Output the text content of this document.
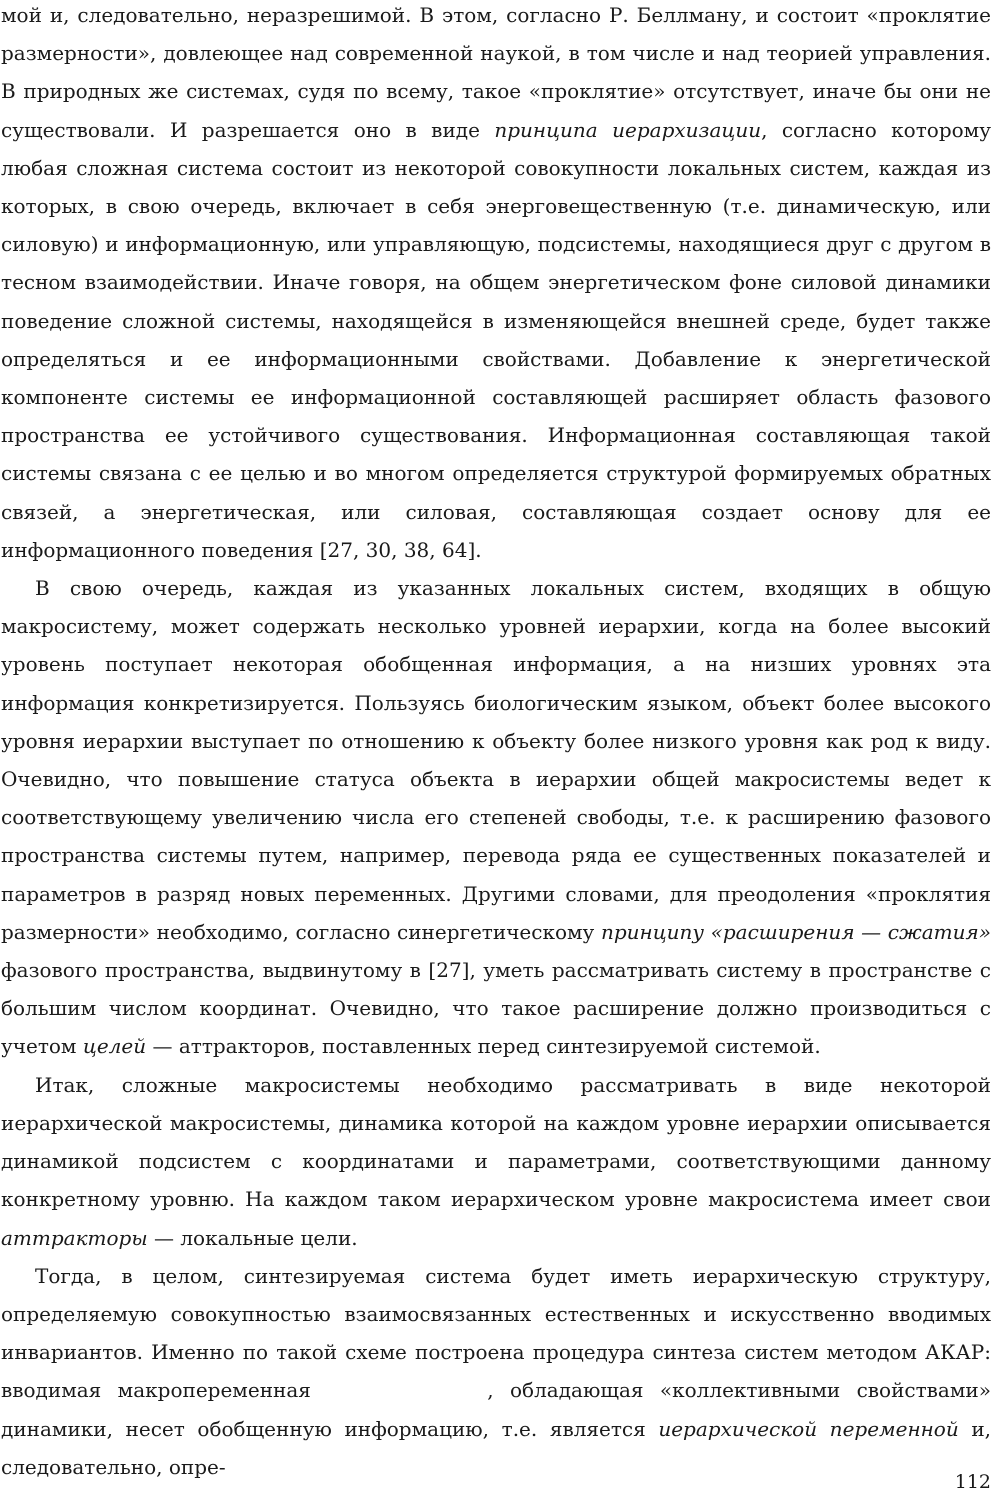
мой и, следовательно, неразрешимой. В этом, согласно Р. Беллману, и состоит «проклятие размерности», довлеющее над современной наукой, в том числе и над теорией управления. В природных же системах, судя по всему, такое «проклятие» отсутствует, иначе бы они не существовали. И разрешается оно в виде принципа иерархизации, согласно которому любая сложная система состоит из некоторой совокупности локальных систем, каждая из которых, в свою очередь, включает в себя энерговещественную (т.е. динамическую, или силовую) и информационную, или управляющую, подсистемы, находящиеся друг с другом в тесном взаимодействии. Иначе говоря, на общем энергетическом фоне силовой динамики поведение сложной системы, находящейся в изменяющейся внешней среде, будет также определяться и ее информационными свойствами. Добавление к энергетической компоненте системы ее информационной составляющей расширяет область фазового пространства ее устойчивого существования. Информационная составляющая такой системы связана с ее целью и во многом определяется структурой формируемых обратных связей, а энергетическая, или силовая, составляющая создает основу для ее информационного поведения [27, 30, 38, 64].

В свою очередь, каждая из указанных локальных систем, входящих в общую макросистему, может содержать несколько уровней иерархии, когда на более высокий уровень поступает некоторая обобщенная информация, а на низших уровнях эта информация конкретизируется. Пользуясь биологическим языком, объект более высокого уровня иерархии выступает по отношению к объекту более низкого уровня как род к виду. Очевидно, что повышение статуса объекта в иерархии общей макросистемы ведет к соответствующему увеличению числа его степеней свободы, т.е. к расширению фазового пространства системы путем, например, перевода ряда ее существенных показателей и параметров в разряд новых переменных. Другими словами, для преодоления «проклятия размерности» необходимо, согласно синергетическому принципу «расширения — сжатия» фазового пространства, выдвинутому в [27], уметь рассматривать систему в пространстве с большим числом координат. Очевидно, что такое расширение должно производиться с учетом целей — аттракторов, поставленных перед синтезируемой системой.

Итак, сложные макросистемы необходимо рассматривать в виде некоторой иерархической макросистемы, динамика которой на каждом уровне иерархии описывается динамикой подсистем с координатами и параметрами, соответствующими данному конкретному уровню. На каждом таком иерархическом уровне макросистема имеет свои аттракторы — локальные цели.

Тогда, в целом, синтезируемая система будет иметь иерархическую структуру, определяемую совокупностью взаимосвязанных естественных и искусственно вводимых инвариантов. Именно по такой схеме построена процедура синтеза систем методом АКАР: вводимая макропеременная	, обладающая «коллективными свойствами» динамики, несет обобщенную информацию, т.е. является иерархической переменной и, следовательно, опре-

112
